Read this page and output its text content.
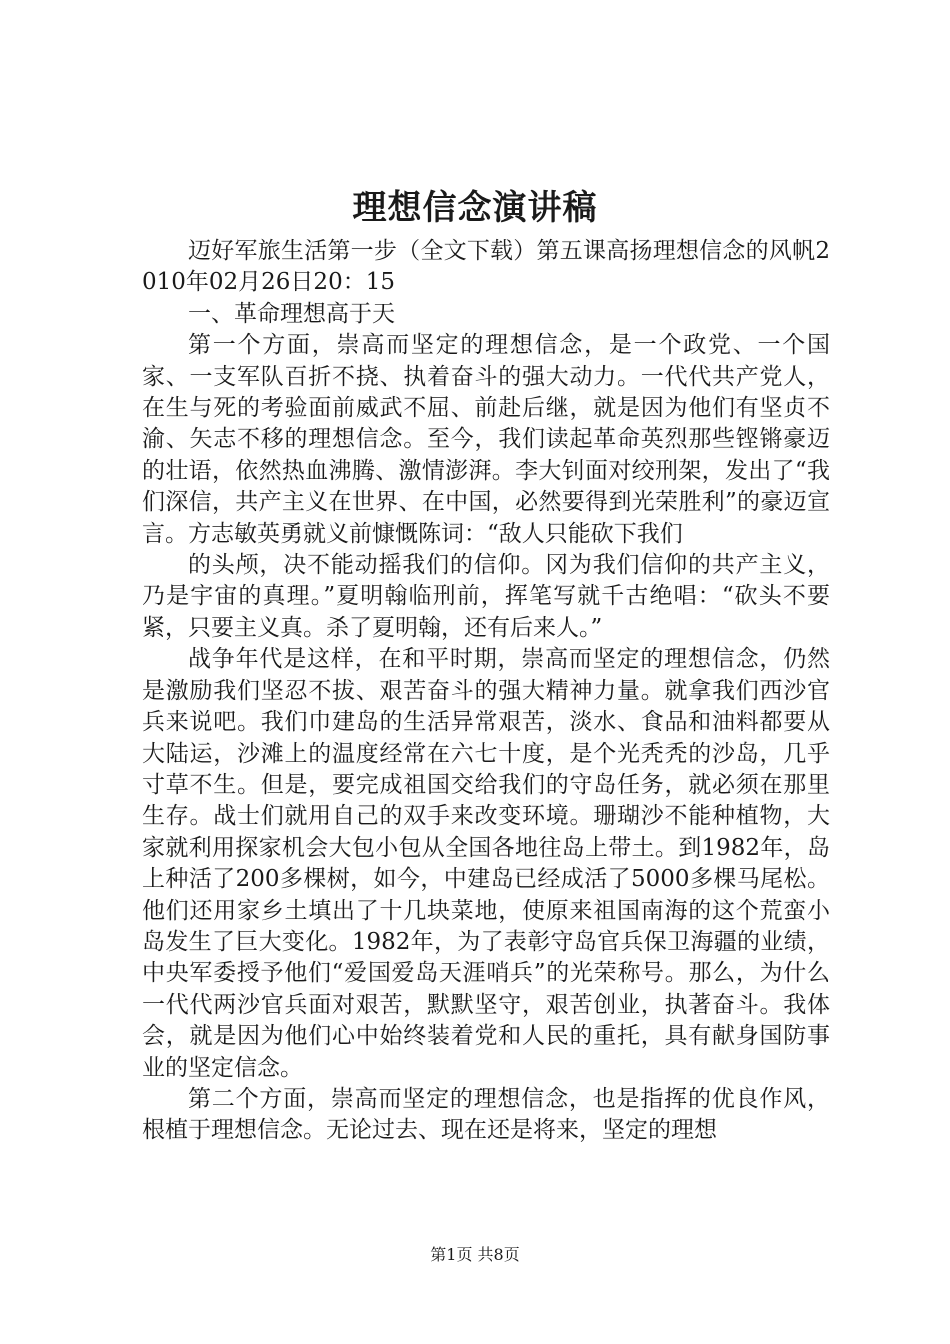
理想信念演讲稿

迈好军旅生活第一步（全文下载）第五课高扬理想信念的风帆2010年02月26日20：15

一、革命理想高于天

第一个方面，崇高而坚定的理想信念，是一个政党、一个国家、一支军队百折不挠、执着奋斗的强大动力。一代代共产党人，在生与死的考验面前威武不屈、前赴后继，就是因为他们有坚贞不渝、矢志不移的理想信念。至今，我们读起革命英烈那些铿锵豪迈的壮语，依然热血沸腾、激情澎湃。李大钊面对绞刑架，发出了“我们深信，共产主义在世界、在中国，必然要得到光荣胜利”的豪迈宣言。方志敏英勇就义前慷慨陈词：“敌人只能砍下我们

的头颅，决不能动摇我们的信仰。冈为我们信仰的共产主义，乃是宇宙的真理。”夏明翰临刑前，挥笔写就千古绝唱：“砍头不要紧，只要主义真。杀了夏明翰，还有后来人。”

战争年代是这样，在和平时期，崇高而坚定的理想信念，仍然是激励我们坚忍不拔、艰苦奋斗的强大精神力量。就拿我们西沙官兵来说吧。我们巾建岛的生活异常艰苦，淡水、食品和油料都要从大陆运，沙滩上的温度经常在六七十度，是个光秃秃的沙岛，几乎寸草不生。但是，要完成祖国交给我们的守岛任务，就必须在那里生存。战士们就用自己的双手来改变环境。珊瑚沙不能种植物，大家就利用探家机会大包小包从全国各地往岛上带土。到1982年，岛上种活了200多棵树，如今，中建岛已经成活了5000多棵马尾松。他们还用家乡土填出了十几块菜地，使原来祖国南海的这个荒蛮小岛发生了巨大变化。1982年，为了表彰守岛官兵保卫海疆的业绩，中央军委授予他们“爱国爱岛天涯哨兵”的光荣称号。那么，为什么一代代两沙官兵面对艰苦，默默坚守，艰苦创业，执著奋斗。我体会，就是因为他们心中始终装着党和人民的重托，具有献身国防事业的坚定信念。

第二个方面，崇高而坚定的理想信念，也是指挥的优良作风，根植于理想信念。无论过去、现在还是将来，坚定的理想

第1页 共8页
